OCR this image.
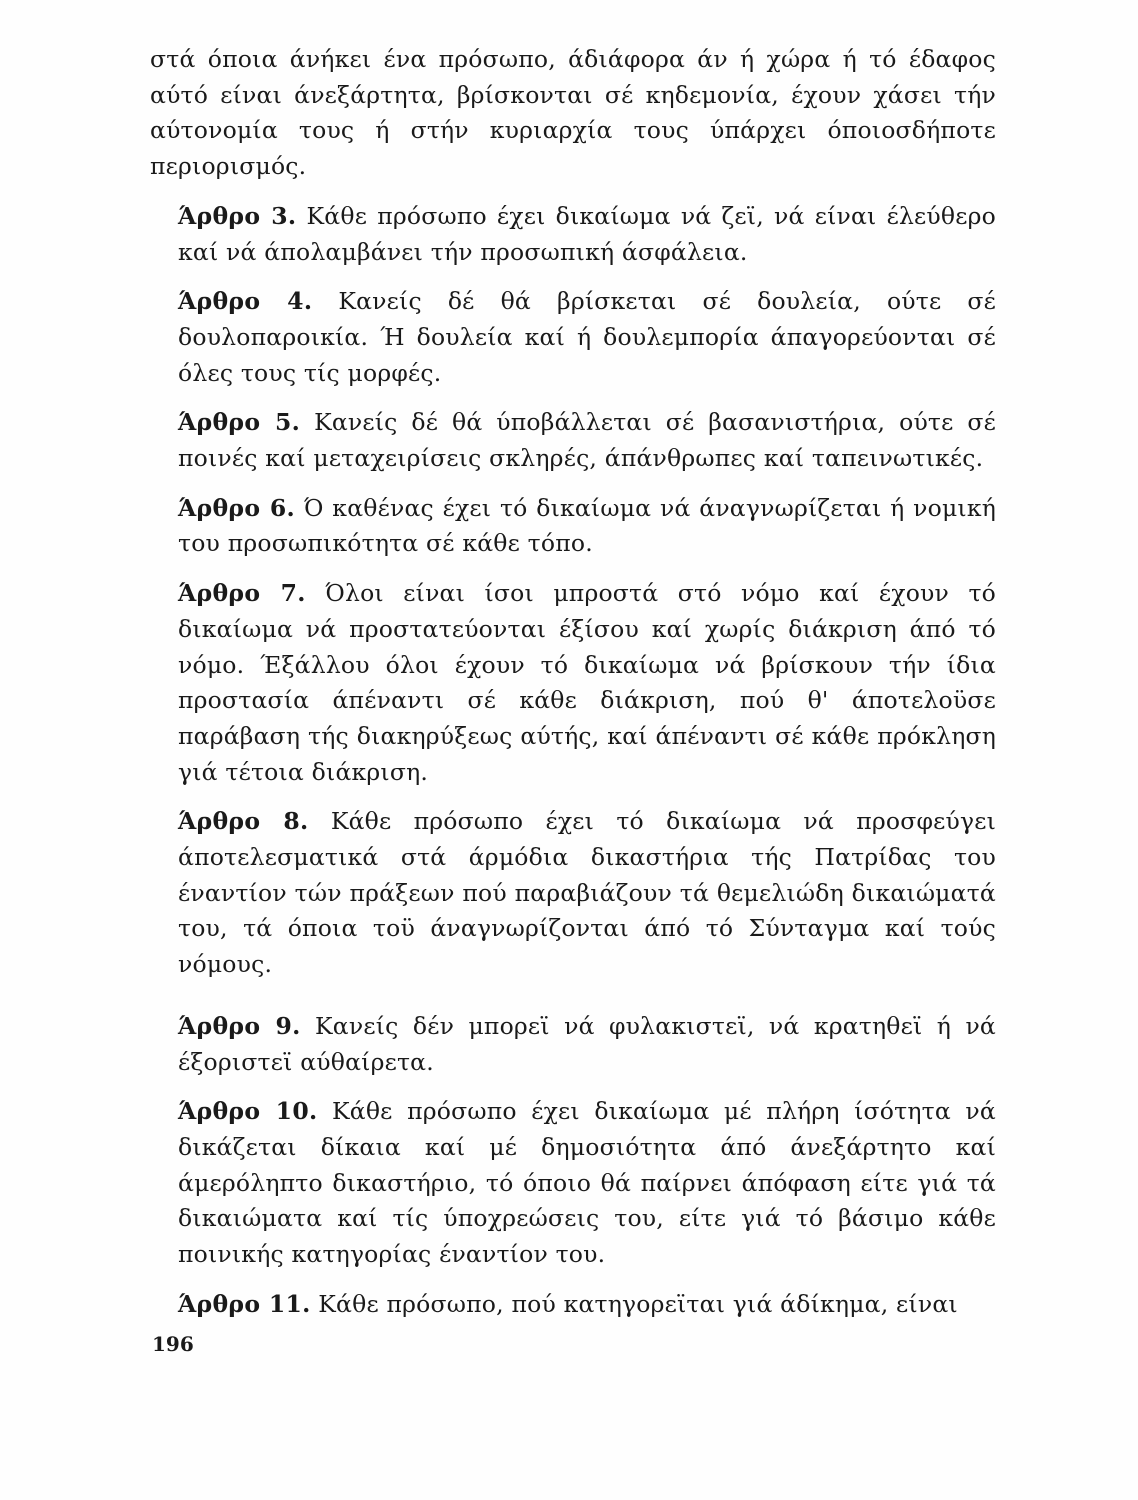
στά όποια άνήκει ένα πρόσωπο, άδιάφορα άν ή χώρα ή τό έδαφος αύτό είναι άνεξάρτητα, βρίσκονται σέ κηδεμονία, έχουν χάσει τήν αύτονομία τους ή στήν κυριαρχία τους ύπάρχει όποιοσδήποτε περιορισμός.

Άρθρο 3. Κάθε πρόσωπο έχει δικαίωμα νά ζεϊ, νά είναι έλεύθερο καί νά άπολαμβάνει τήν προσωπική άσφάλεια.

Άρθρο 4. Κανείς δέ θά βρίσκεται σέ δουλεία, ούτε σέ δουλοπαροικία. Ή δουλεία καί ή δουλεμπορία άπαγορεύονται σέ όλες τους τίς μορφές.

Άρθρο 5. Κανείς δέ θά ύποβάλλεται σέ βασανιστήρια, ούτε σέ ποινές καί μεταχειρίσεις σκληρές, άπάνθρωπες καί ταπεινωτικές.

Άρθρο 6. Ό καθένας έχει τό δικαίωμα νά άναγνωρίζεται ή νομική του προσωπικότητα σέ κάθε τόπο.

Άρθρο 7. Όλοι είναι ίσοι μπροστά στό νόμο καί έχουν τό δικαίωμα νά προστατεύονται έξίσου καί χωρίς διάκριση άπό τό νόμο. Έξάλλου όλοι έχουν τό δικαίωμα νά βρίσκουν τήν ίδια προστασία άπέναντι σέ κάθε διάκριση, πού θ' άποτελοϋσε παράβαση τής διακηρύξεως αύτής, καί άπέναντι σέ κάθε πρόκληση γιά τέτοια διάκριση.

Άρθρο 8. Κάθε πρόσωπο έχει τό δικαίωμα νά προσφεύγει άποτελεσματικά στά άρμόδια δικαστήρια τής Πατρίδας του έναντίον τών πράξεων πού παραβιάζουν τά θεμελιώδη δικαιώματά του, τά όποια τοϋ άναγνωρίζονται άπό τό Σύνταγμα καί τούς νόμους.

Άρθρο 9. Κανείς δέν μπορεϊ νά φυλακιστεϊ, νά κρατηθεϊ ή νά έξοριστεϊ αύθαίρετα.

Άρθρο 10. Κάθε πρόσωπο έχει δικαίωμα μέ πλήρη ίσότητα νά δικάζεται δίκαια καί μέ δημοσιότητα άπό άνεξάρτητο καί άμερόληπτο δικαστήριο, τό όποιο θά παίρνει άπόφαση είτε γιά τά δικαιώματα καί τίς ύποχρεώσεις του, είτε γιά τό βάσιμο κάθε ποινικής κατηγορίας έναντίον του.

Άρθρο 11. Κάθε πρόσωπο, πού κατηγορεϊται γιά άδίκημα, είναι

196
